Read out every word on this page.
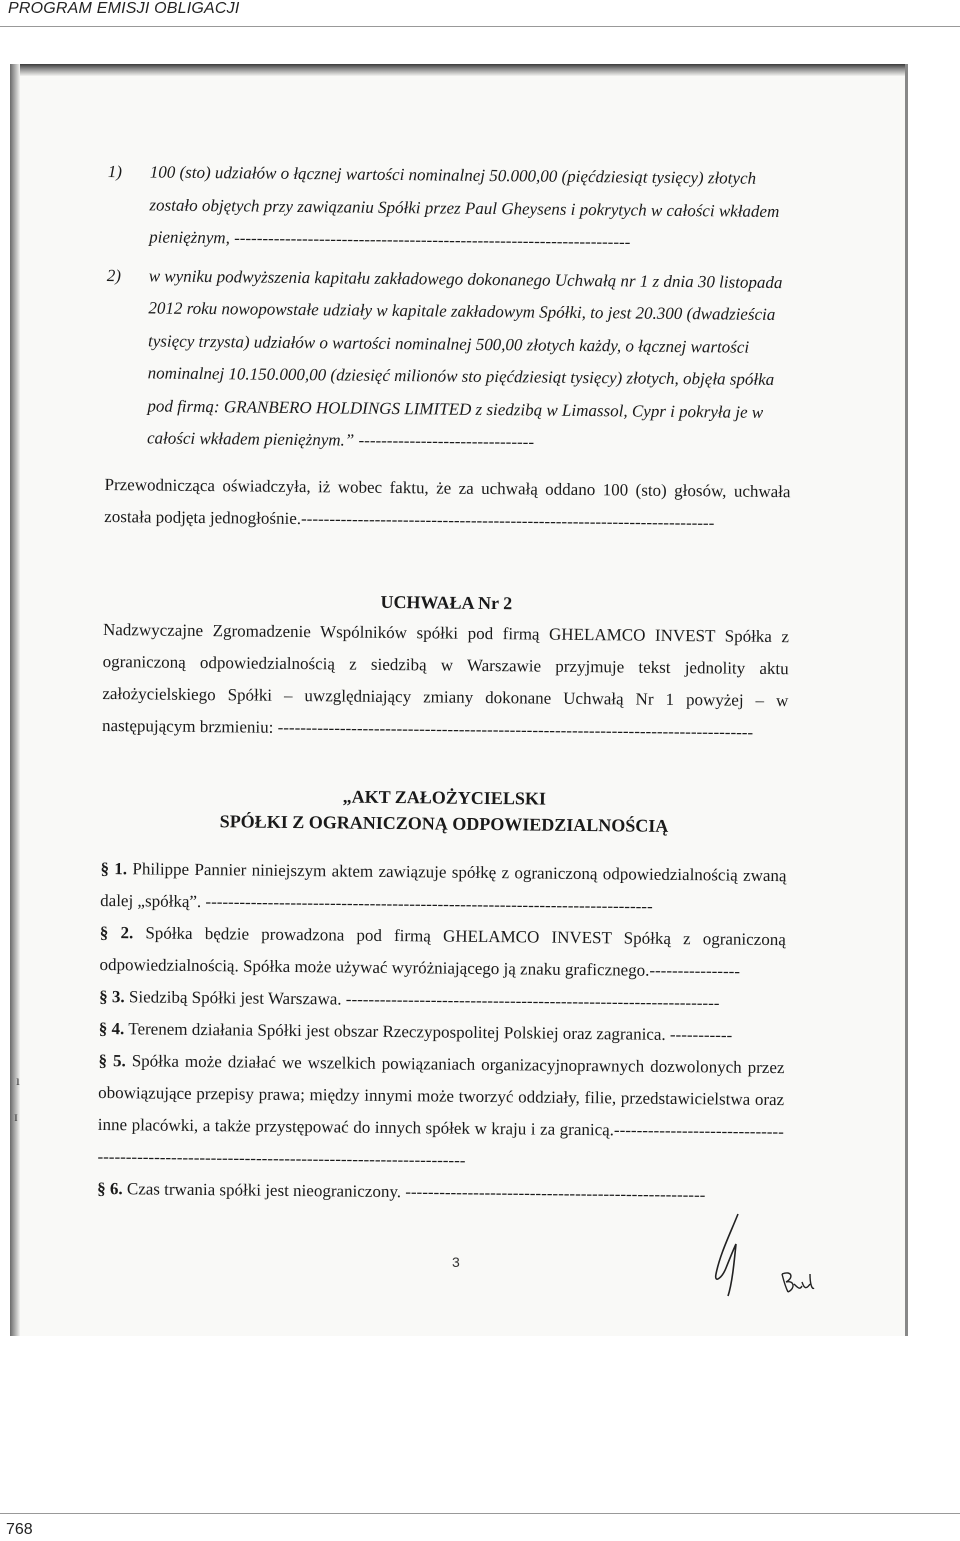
PROGRAM EMISJI OBLIGACJI
1) 100 (sto) udziałów o łącznej wartości nominalnej 50.000,00 (pięćdziesiąt tysięcy) złotych zostało objętych przy zawiązaniu Spółki przez Paul Gheysens i pokrytych w całości wkładem pieniężnym, ----------------------------------------------------------------------
2) w wyniku podwyższenia kapitału zakładowego dokonanego Uchwałą nr 1 z dnia 30 listopada 2012 roku nowopowstałe udziały w kapitale zakładowym Spółki, to jest 20.300 (dwadzieścia tysięcy trzysta) udziałów o wartości nominalnej 500,00 złotych każdy, o łącznej wartości nominalnej 10.150.000,00 (dziesięć milionów sto pięćdziesiąt tysięcy) złotych, objęła spółka pod firmą: GRANBERO HOLDINGS LIMITED z siedzibą w Limassol, Cypr i pokryła je w całości wkładem pieniężnym.” -------------------------------

Przewodnicząca oświadczyła, iż wobec faktu, że za uchwałą oddano 100 (sto) głosów, uchwała została podjęta jednogłośnie.-------------------------------------------------------------------------

UCHWAŁA Nr 2

Nadzwyczajne Zgromadzenie Wspólników spółki pod firmą GHELAMCO INVEST Spółka z ograniczoną odpowiedzialnością z siedzibą w Warszawie przyjmuje tekst jednolity aktu założycielskiego Spółki – uwzględniający zmiany dokonane Uchwałą Nr 1 powyżej – w następującym brzmieniu: ------------------------------------------------------------------------------------

„AKT ZAŁOŻYCIELSKI

SPÓŁKI Z OGRANICZONĄ ODPOWIEDZIALNOŚCIĄ

§ 1. Philippe Pannier niniejszym aktem zawiązuje spółkę z ograniczoną odpowiedzialnością zwaną dalej „spółką”. -------------------------------------------------------------------------------

§ 2. Spółka będzie prowadzona pod firmą GHELAMCO INVEST Spółką z ograniczoną odpowiedzialnością. Spółka może używać wyróżniającego ją znaku graficznego.----------------

§ 3. Siedzibą Spółki jest Warszawa. ------------------------------------------------------------------

§ 4. Terenem działania Spółki jest obszar Rzeczypospolitej Polskiej oraz zagranica. -----------

§ 5. Spółka może działać we wszelkich powiązaniach organizacyjnoprawnych dozwolonych przez obowiązujące przepisy prawa; między innymi może tworzyć oddziały, filie, przedstawicielstwa oraz inne placówki, a także przystępować do innych spółek w kraju i za granicą.-----------------------------------------------------------------------------------------------

§ 6. Czas trwania spółki jest nieograniczony. -----------------------------------------------------

3
ı
ɪ
768
